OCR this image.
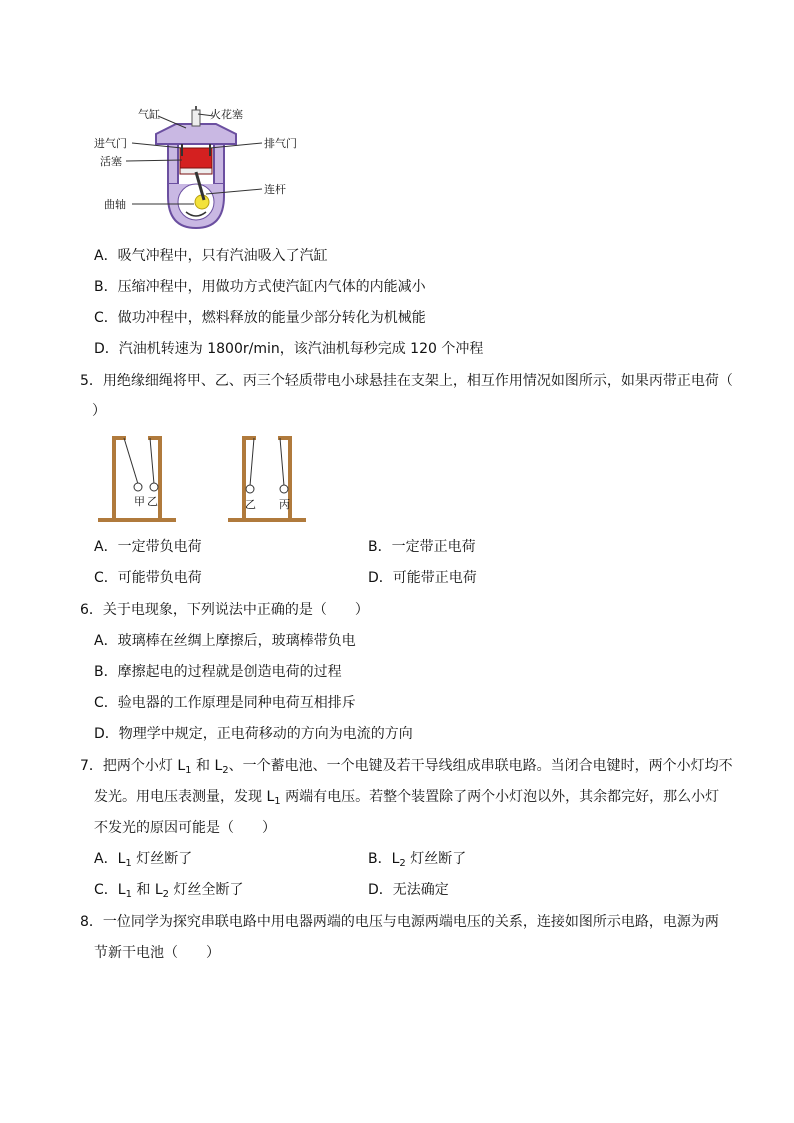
气缸	火花塞
进气门	排气门
活塞
连杆
曲轴
A．吸气冲程中，只有汽油吸入了汽缸
B．压缩冲程中，用做功方式使汽缸内气体的内能减小
C．做功冲程中，燃料释放的能量少部分转化为机械能
D．汽油机转速为 1800r/min，该汽油机每秒完成 120 个冲程
5．用绝缘细绳将甲、乙、丙三个轻质带电小球悬挂在支架上，相互作用情况如图所示，如果丙带正电荷（
）
甲 乙	乙 丙
A．一定带负电荷	B．一定带正电荷
C．可能带负电荷	D．可能带正电荷
6．关于电现象，下列说法中正确的是（　　）
A．玻璃棒在丝绸上摩擦后，玻璃棒带负电
B．摩擦起电的过程就是创造电荷的过程
C．验电器的工作原理是同种电荷互相排斥
D．物理学中规定，正电荷移动的方向为电流的方向
7．把两个小灯 $L_1$ 和 $L_2$、一个蓄电池、一个电键及若干导线组成串联电路。当闭合电键时，两个小灯均不
发光。用电压表测量，发现 $L_1$ 两端有电压。若整个装置除了两个小灯泡以外，其余都完好，那么小灯
不发光的原因可能是（　　）
A．$L_1$ 灯丝断了	B．$L_2$ 灯丝断了
C．$L_1$ 和 $L_2$ 灯丝全断了	D．无法确定
8．一位同学为探究串联电路中用电器两端的电压与电源两端电压的关系，连接如图所示电路，电源为两
节新干电池（　　）
